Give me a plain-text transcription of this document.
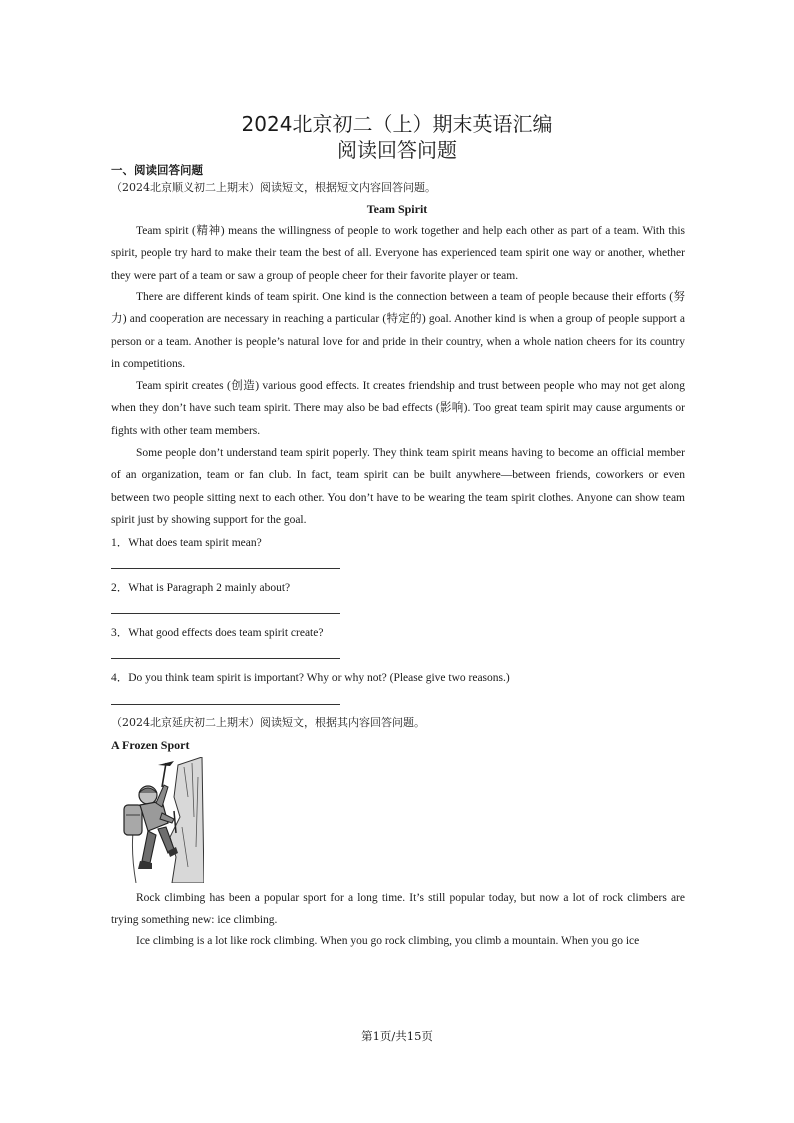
2024北京初二（上）期末英语汇编
阅读回答问题
一、阅读回答问题
（2024北京顺义初二上期末）阅读短文，根据短文内容回答问题。
Team Spirit

Team spirit (精神) means the willingness of people to work together and help each other as part of a team. With this spirit, people try hard to make their team the best of all. Everyone has experienced team spirit one way or another, whether they were part of a team or saw a group of people cheer for their favorite player or team.

There are different kinds of team spirit. One kind is the connection between a team of people because their efforts (努力) and cooperation are necessary in reaching a particular (特定的) goal. Another kind is when a group of people support a person or a team. Another is people’s natural love for and pride in their country, when a whole nation cheers for its country in competitions.

Team spirit creates (创造) various good effects. It creates friendship and trust between people who may not get along when they don’t have such team spirit. There may also be bad effects (影响). Too great team spirit may cause arguments or fights with other team members.

Some people don’t understand team spirit poperly. They think team spirit means having to become an official member of an organization, team or fan club. In fact, team spirit can be built anywhere—between friends, coworkers or even between two people sitting next to each other. You don’t have to be wearing the team spirit clothes. Anyone can show team spirit just by showing support for the goal.

1．What does team spirit mean?
2．What is Paragraph 2 mainly about?
3．What good effects does team spirit create?
4．Do you think team spirit is important? Why or why not? (Please give two reasons.)
（2024北京延庆初二上期末）阅读短文，根据其内容回答问题。
A Frozen Sport

Rock climbing has been a popular sport for a long time. It’s still popular today, but now a lot of rock climbers are trying something new: ice climbing.

Ice climbing is a lot like rock climbing. When you go rock climbing, you climb a mountain. When you go ice

第1页/共15页
